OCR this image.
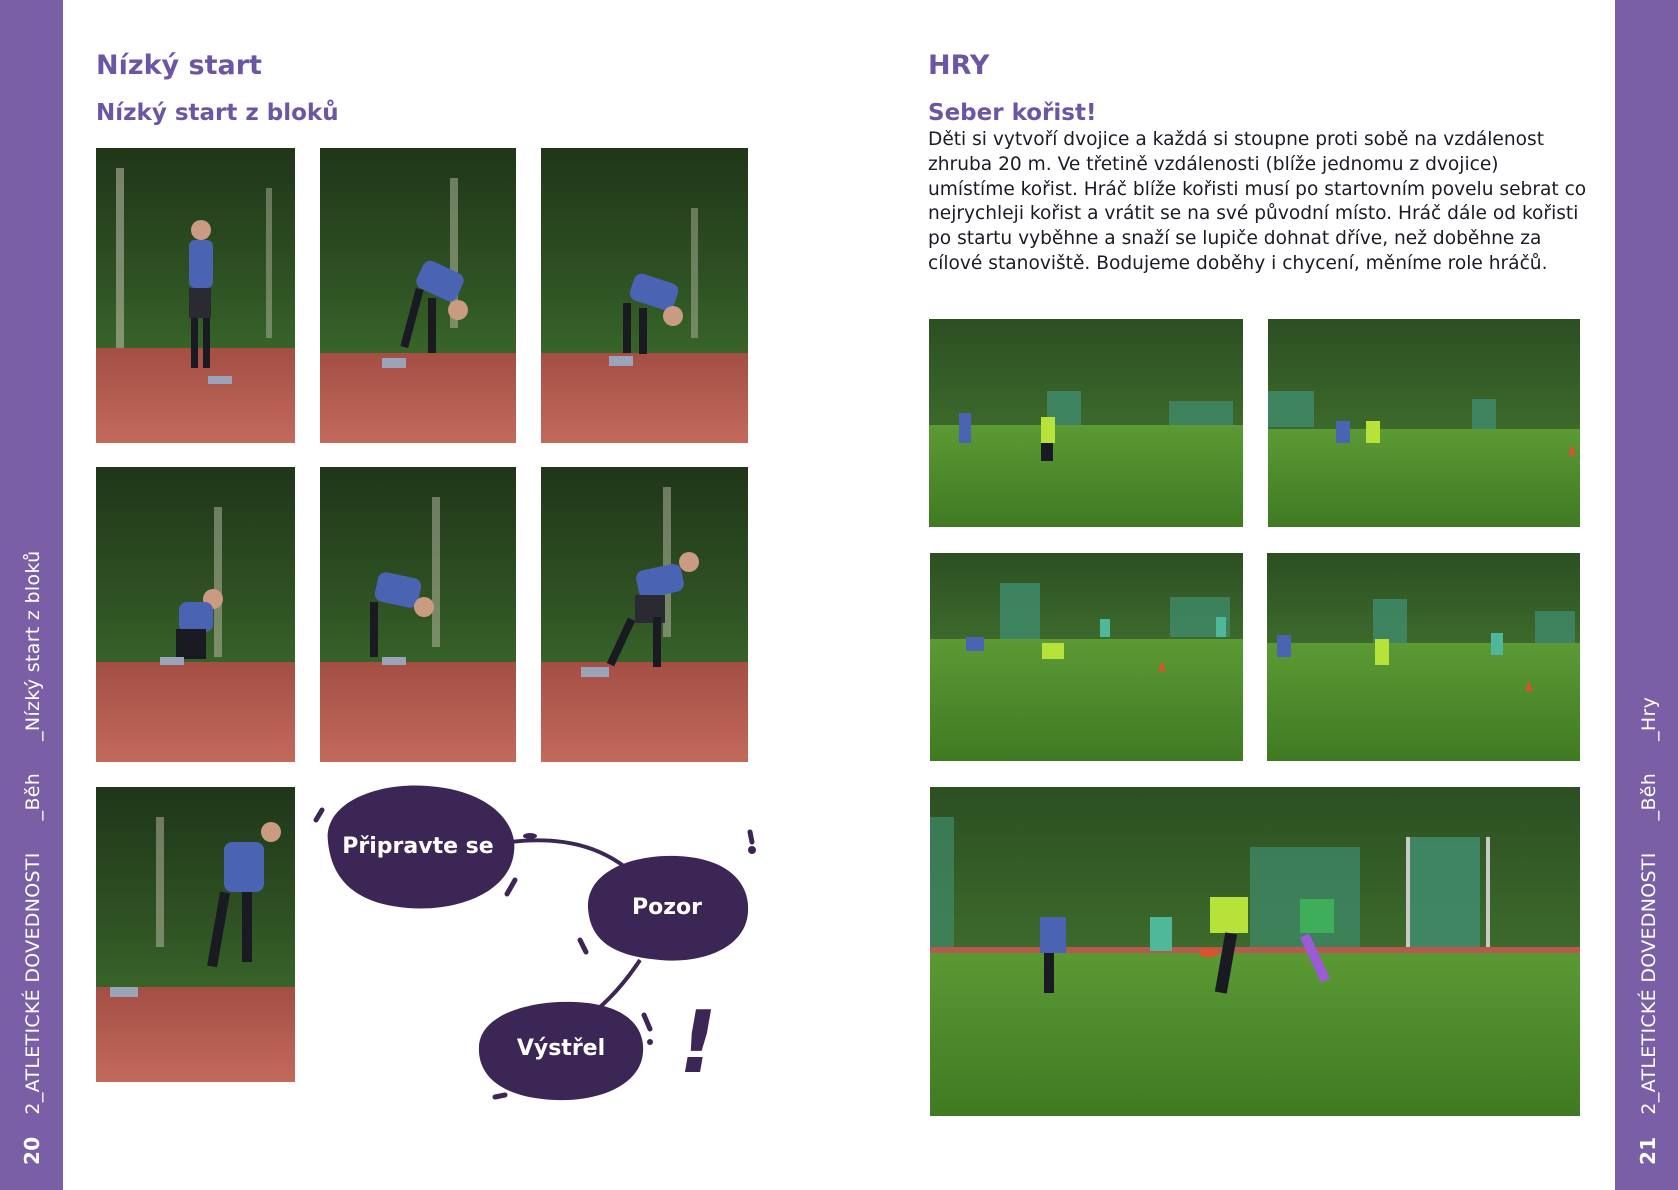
202_ATLETICKÉ DOVEDNOSTI_Běh_Nízký start z bloků
212_ATLETICKÉ DOVEDNOSTI_Běh_Hry
Nízký start
Nízký start z bloků
Připravte se
Pozor
Výstřel !
HRY
Seber kořist!
Děti si vytvoří dvojice a každá si stoupne proti sobě na vzdálenost zhruba 20 m. Ve třetině vzdálenosti (blíže jednomu z dvojice) umístíme kořist. Hráč blíže kořisti musí po startovním povelu sebrat co nejrychleji kořist a vrátit se na své původní místo. Hráč dále od kořisti po startu vyběhne a snaží se lupiče dohnat dříve, než doběhne za cílové stanoviště. Bodujeme doběhy i chycení, měníme role hráčů.
